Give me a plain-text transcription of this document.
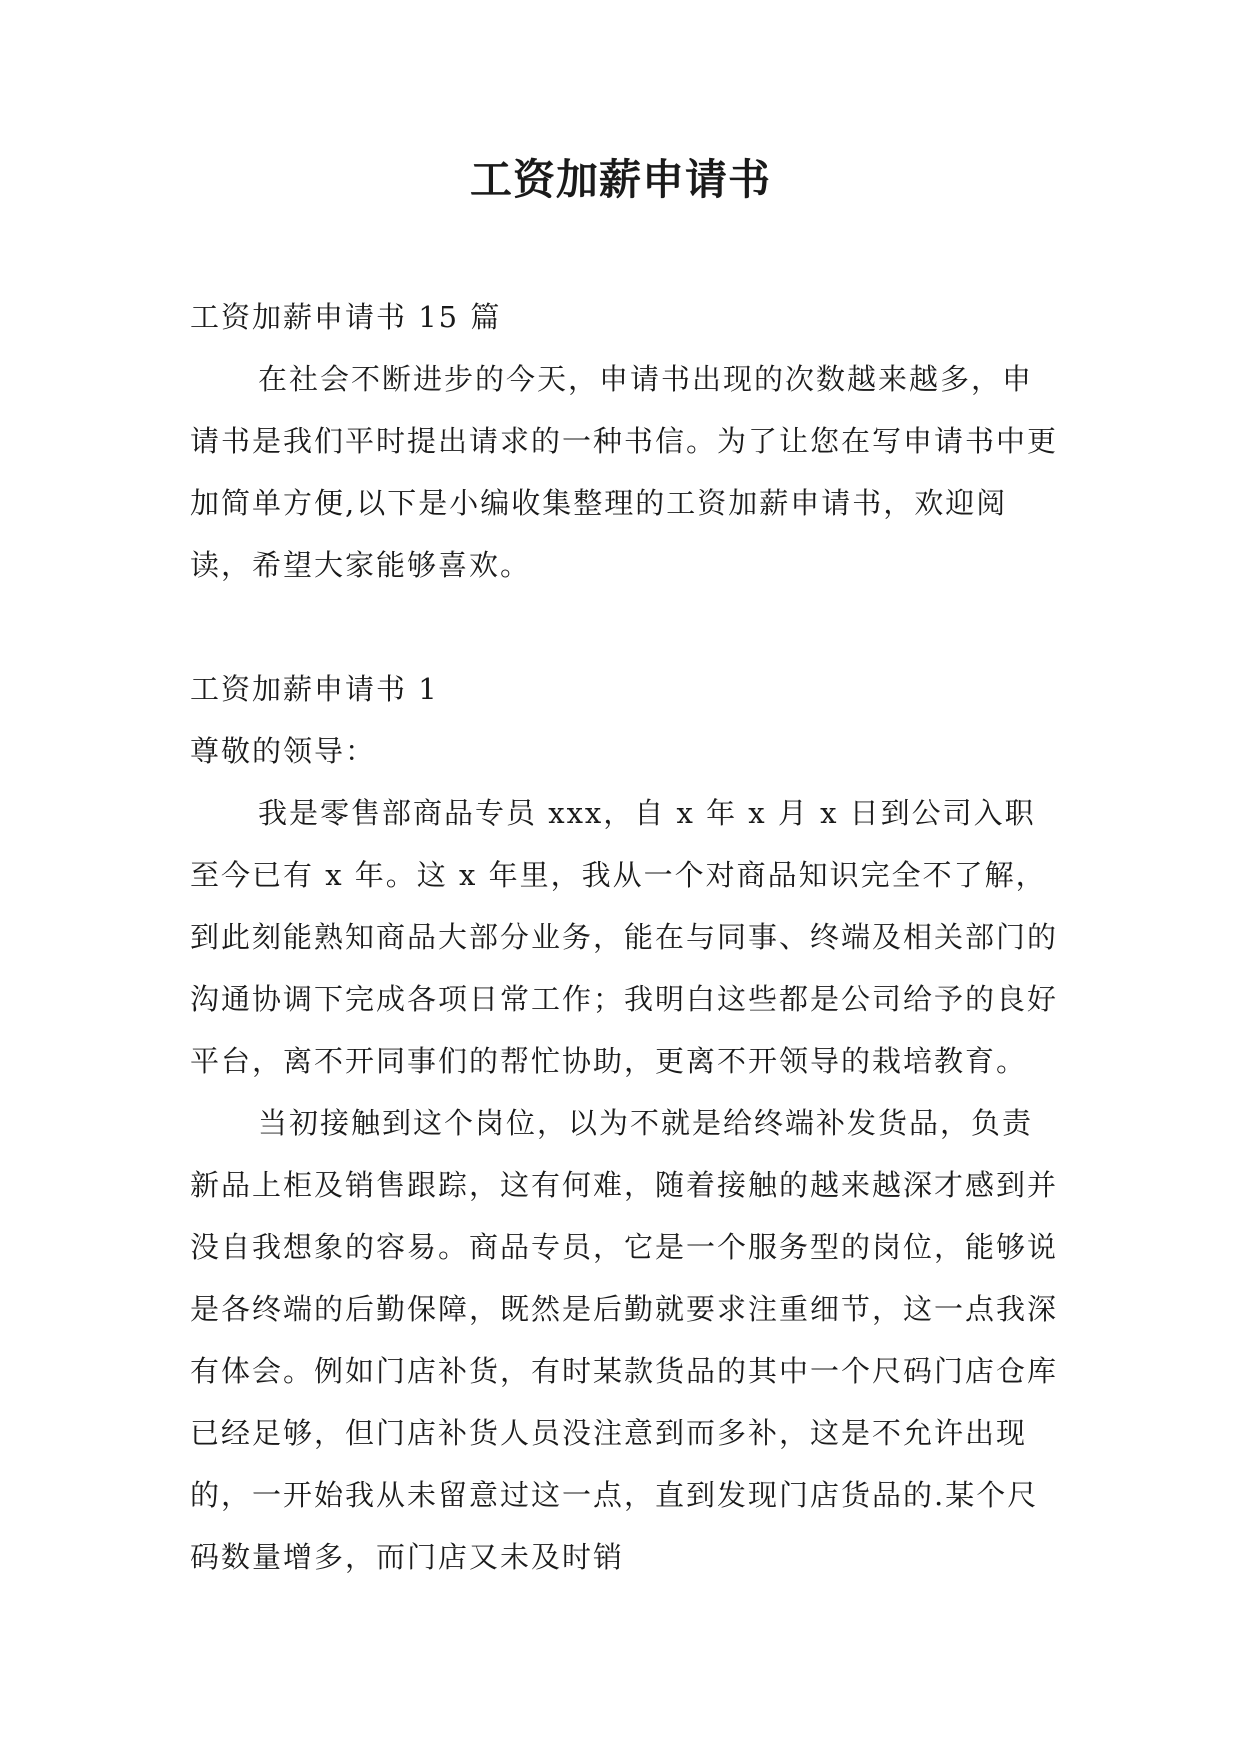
工资加薪申请书

工资加薪申请书 15 篇

在社会不断进步的今天，申请书出现的次数越来越多，申请书是我们平时提出请求的一种书信。为了让您在写申请书中更加简单方便,以下是小编收集整理的工资加薪申请书，欢迎阅读，希望大家能够喜欢。

工资加薪申请书 1

尊敬的领导：

我是零售部商品专员 xxx，自 x 年 x 月 x 日到公司入职至今已有 x 年。这 x 年里，我从一个对商品知识完全不了解，到此刻能熟知商品大部分业务，能在与同事、终端及相关部门的沟通协调下完成各项日常工作；我明白这些都是公司给予的良好平台，离不开同事们的帮忙协助，更离不开领导的栽培教育。

当初接触到这个岗位，以为不就是给终端补发货品，负责新品上柜及销售跟踪，这有何难，随着接触的越来越深才感到并没自我想象的容易。商品专员，它是一个服务型的岗位，能够说是各终端的后勤保障，既然是后勤就要求注重细节，这一点我深有体会。例如门店补货，有时某款货品的其中一个尺码门店仓库已经足够，但门店补货人员没注意到而多补，这是不允许出现的，一开始我从未留意过这一点，直到发现门店货品的.某个尺码数量增多，而门店又未及时销
